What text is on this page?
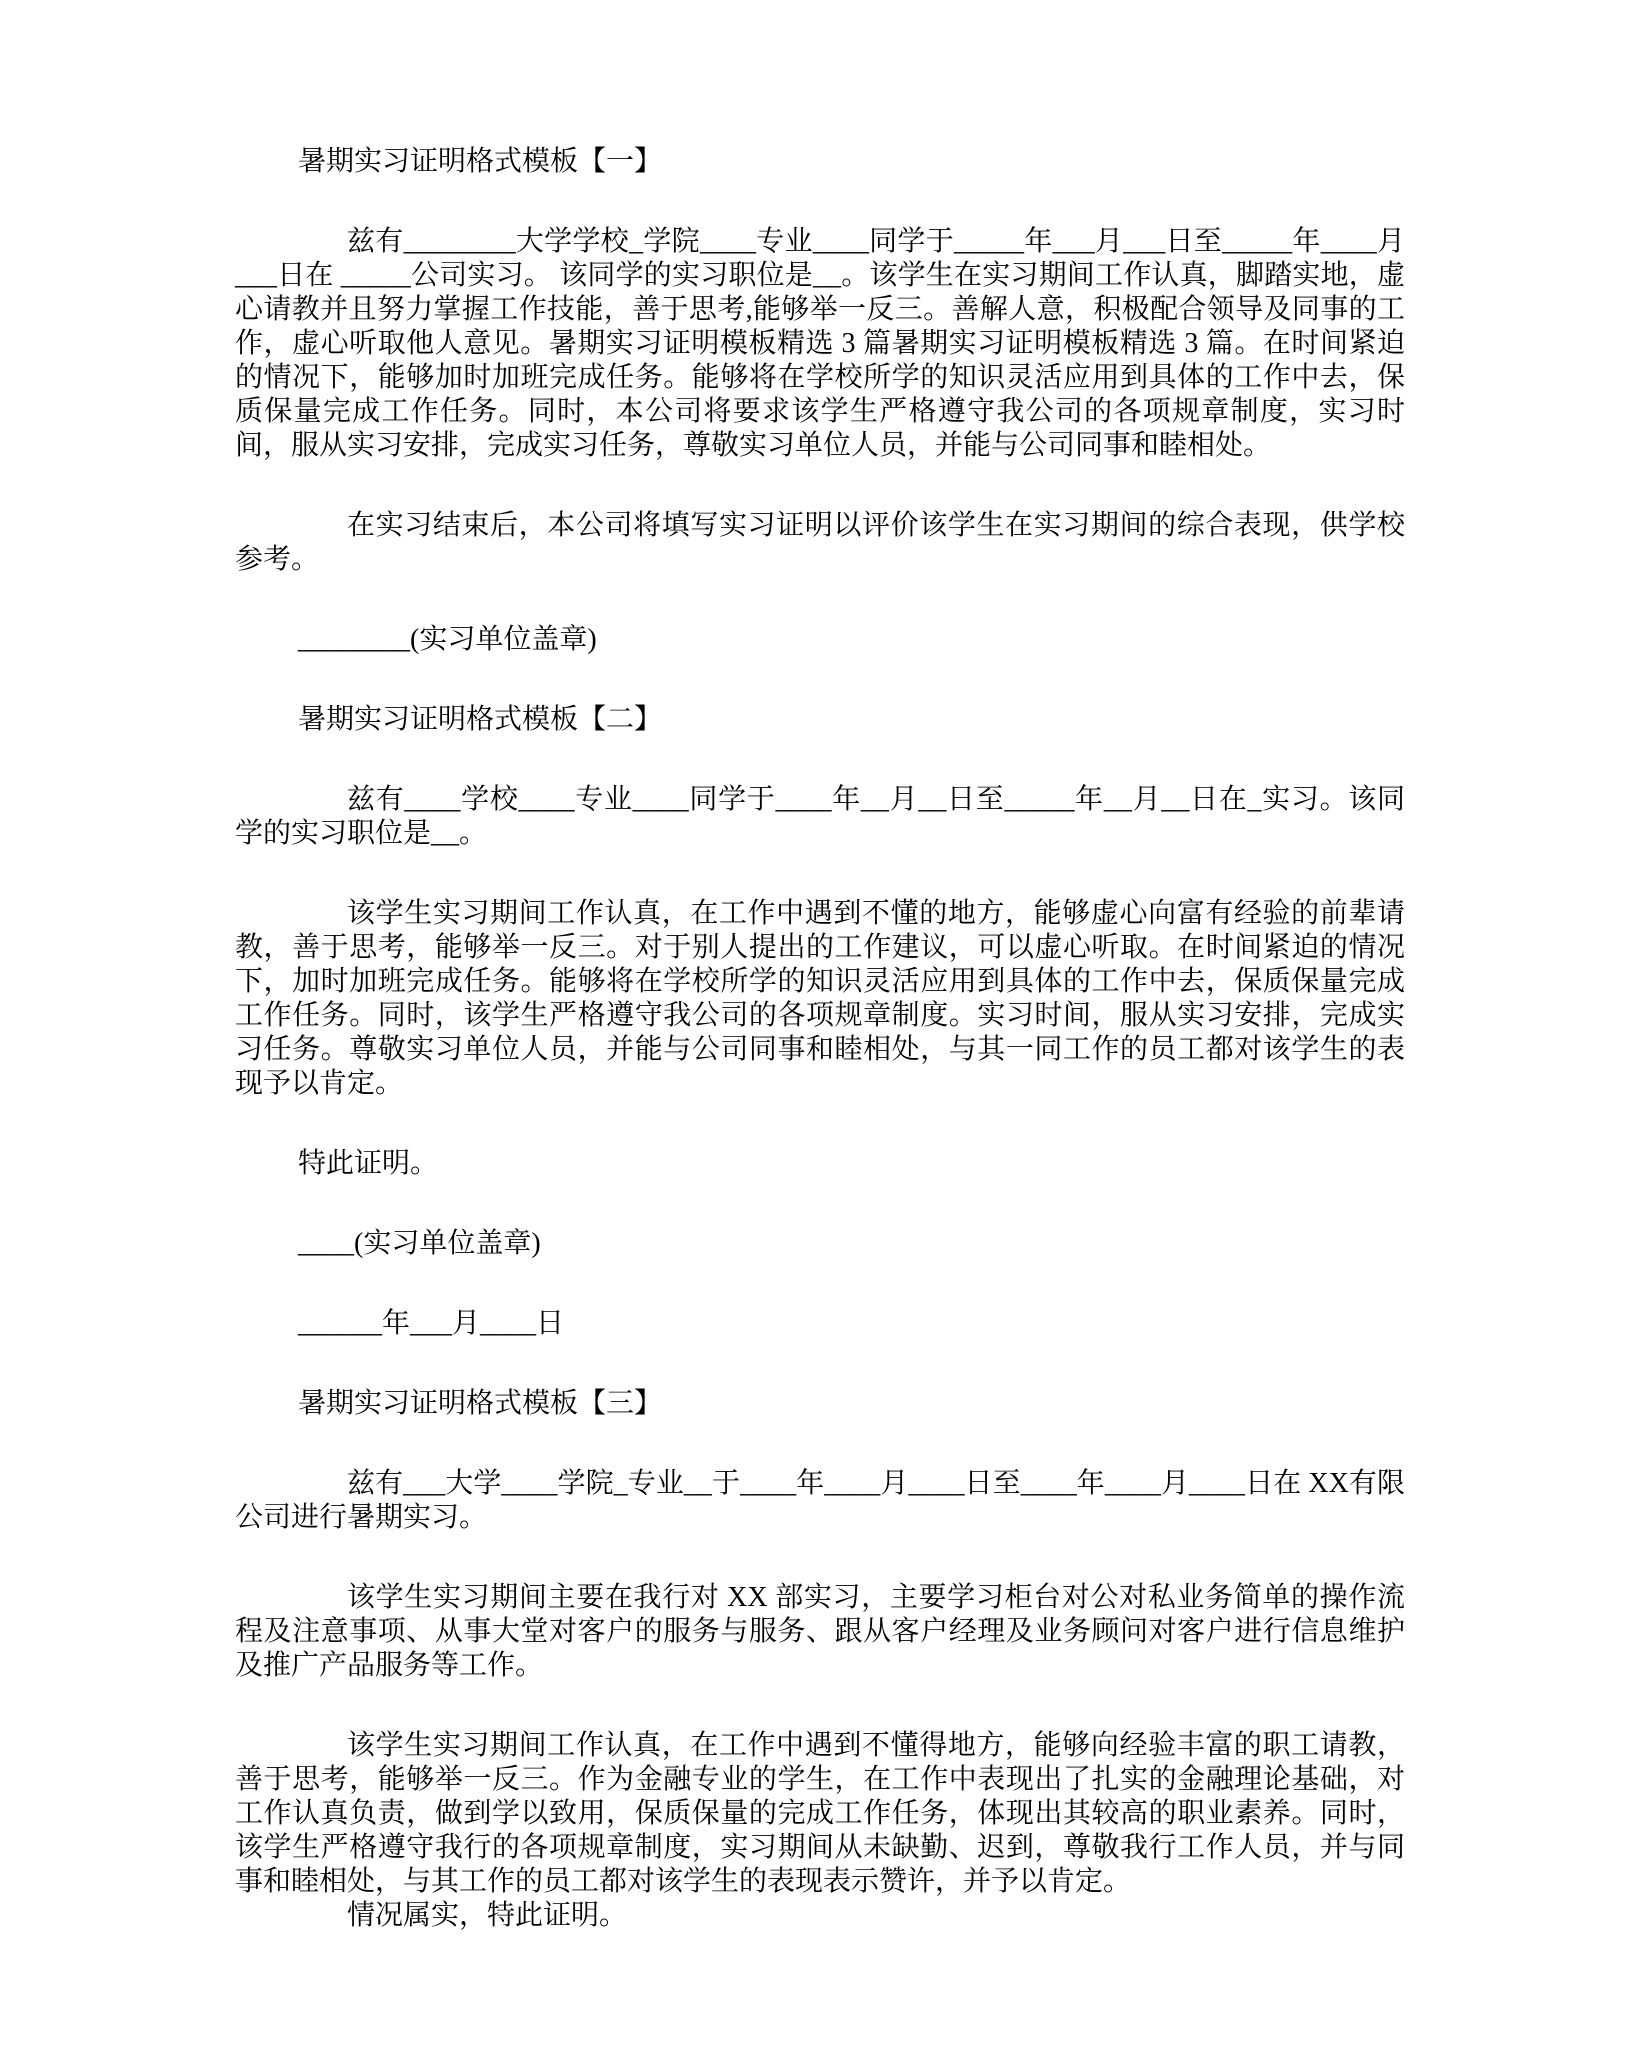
暑期实习证明格式模板【一】

兹有________大学学校_学院____专业____同学于_____年___月___日至_____年____月___日在 _____公司实习。 该同学的实习职位是__。该学生在实习期间工作认真，脚踏实地，虚心请教并且努力掌握工作技能，善于思考,能够举一反三。善解人意，积极配合领导及同事的工作，虚心听取他人意见。暑期实习证明模板精选 3 篇暑期实习证明模板精选 3 篇。在时间紧迫的情况下，能够加时加班完成任务。能够将在学校所学的知识灵活应用到具体的工作中去，保质保量完成工作任务。同时，本公司将要求该学生严格遵守我公司的各项规章制度，实习时间，服从实习安排，完成实习任务，尊敬实习单位人员，并能与公司同事和睦相处。

在实习结束后，本公司将填写实习证明以评价该学生在实习期间的综合表现，供学校参考。

________(实习单位盖章)

暑期实习证明格式模板【二】

兹有____学校____专业____同学于____年__月__日至_____年__月__日在_实习。该同学的实习职位是__。

该学生实习期间工作认真，在工作中遇到不懂的地方，能够虚心向富有经验的前辈请教，善于思考，能够举一反三。对于别人提出的工作建议，可以虚心听取。在时间紧迫的情况下，加时加班完成任务。能够将在学校所学的知识灵活应用到具体的工作中去，保质保量完成工作任务。同时，该学生严格遵守我公司的各项规章制度。实习时间，服从实习安排，完成实习任务。尊敬实习单位人员，并能与公司同事和睦相处，与其一同工作的员工都对该学生的表现予以肯定。

特此证明。

____(实习单位盖章)

______年___月____日

暑期实习证明格式模板【三】

兹有___大学____学院_专业__于____年____月____日至____年____月____日在 XX有限公司进行暑期实习。

该学生实习期间主要在我行对 XX 部实习，主要学习柜台对公对私业务简单的操作流程及注意事项、从事大堂对客户的服务与服务、跟从客户经理及业务顾问对客户进行信息维护及推广产品服务等工作。

该学生实习期间工作认真，在工作中遇到不懂得地方，能够向经验丰富的职工请教，善于思考，能够举一反三。作为金融专业的学生，在工作中表现出了扎实的金融理论基础，对工作认真负责，做到学以致用，保质保量的完成工作任务，体现出其较高的职业素养。同时，该学生严格遵守我行的各项规章制度，实习期间从未缺勤、迟到，尊敬我行工作人员，并与同事和睦相处，与其工作的员工都对该学生的表现表示赞许，并予以肯定。

情况属实，特此证明。
